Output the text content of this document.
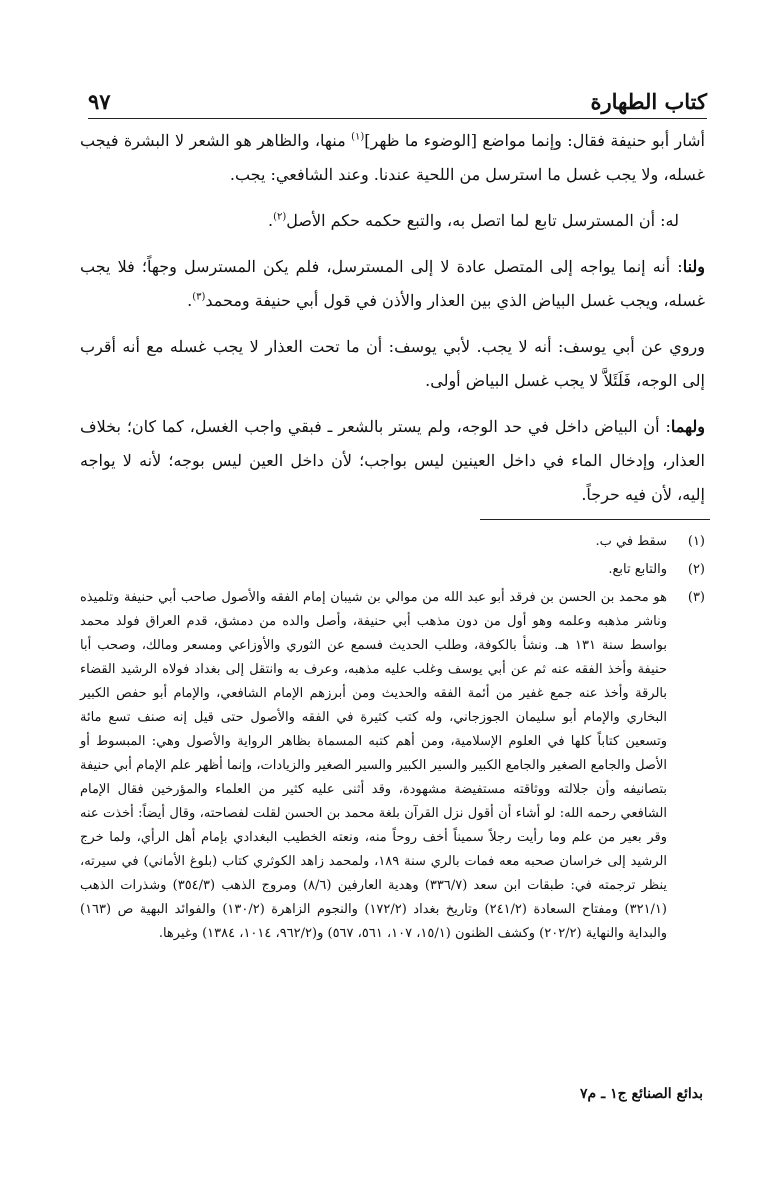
كتاب الطهارة
٩٧

أشار أبو حنيفة فقال: وإنما مواضع [الوضوء ما ظهر]$^{(١)}$ منها، والظاهر هو الشعر لا البشرة فيجب غسله، ولا يجب غسل ما استرسل من اللحية عندنا. وعند الشافعي: يجب.

له: أن المسترسل تابع لما اتصل به، والتبع حكمه حكم الأصل$^{(٢)}$.

ولنا: أنه إنما يواجه إلى المتصل عادة لا إلى المسترسل، فلم يكن المسترسل وجهاً؛ فلا يجب غسله، ويجب غسل البياض الذي بين العذار والأذن في قول أبي حنيفة ومحمد$^{(٣)}$.

وروي عن أبي يوسف: أنه لا يجب. لأبي يوسف: أن ما تحت العذار لا يجب غسله مع أنه أقرب إلى الوجه، فَلَئَلاَّ لا يجب غسل البياض أولى.

ولهما: أن البياض داخل في حد الوجه، ولم يستر بالشعر ـ فبقي واجب الغسل، كما كان؛ بخلاف العذار، وإدخال الماء في داخل العينين ليس بواجب؛ لأن داخل العين ليس بوجه؛ لأنه لا يواجه إليه، لأن فيه حرجاً.

(١)
سقط في ب.
(٢)
والتابع تابع.
(٣)
هو محمد بن الحسن بن فرقد أبو عبد الله من موالي بن شيبان إمام الفقه والأصول صاحب أبي حنيفة وتلميذه وناشر مذهبه وعلمه وهو أول من دون مذهب أبي حنيفة، وأصل والده من دمشق، قدم العراق فولد محمد بواسط سنة ١٣١ هـ. ونشأ بالكوفة، وطلب الحديث فسمع عن الثوري والأوزاعي ومسعر ومالك، وصحب أبا حنيفة وأخذ الفقه عنه ثم عن أبي يوسف وغلب عليه مذهبه، وعرف به وانتقل إلى بغداد فولاه الرشيد القضاء بالرقة وأخذ عنه جمع غفير من أئمة الفقه والحديث ومن أبرزهم الإمام الشافعي، والإمام أبو حفص الكبير البخاري والإمام أبو سليمان الجوزجاني، وله كتب كثيرة في الفقه والأصول حتى قيل إنه صنف تسع مائة وتسعين كتاباً كلها في العلوم الإسلامية، ومن أهم كتبه المسماة بظاهر الرواية والأصول وهي: المبسوط أو الأصل والجامع الصغير والجامع الكبير والسير الكبير والسير الصغير والزيادات، وإنما أظهر علم الإمام أبي حنيفة بتصانيفه وأن جلالته ووثاقته مستفيضة مشهودة، وقد أثنى عليه كثير من العلماء والمؤرخين فقال الإمام الشافعي رحمه الله: لو أشاء أن أقول نزل القرآن بلغة محمد بن الحسن لقلت لفصاحته، وقال أيضاً: أخذت عنه وقر بعير من علم وما رأيت رجلاً سميناً أخف روحاً منه، ونعته الخطيب البغدادي بإمام أهل الرأي، ولما خرج الرشيد إلى خراسان صحبه معه فمات بالري سنة ١٨٩، ولمحمد زاهد الكوثري كتاب (بلوغ الأماني) في سيرته، ينظر ترجمته في: طبقات ابن سعد (٣٣٦/٧) وهدية العارفين (٨/٦) ومروج الذهب (٣٥٤/٣) وشذرات الذهب (٣٢١/١) ومفتاح السعادة (٢٤١/٢) وتاريخ بغداد (١٧٢/٢) والنجوم الزاهرة (١٣٠/٢) والفوائد البهية ص (١٦٣) والبداية والنهاية (٢٠٢/٢) وكشف الظنون (١٥/١، ١٠٧، ٥٦١، ٥٦٧) و(٩٦٢/٢، ١٠١٤، ١٣٨٤) وغيرها.
بدائع الصنائع ج١ ـ م٧
